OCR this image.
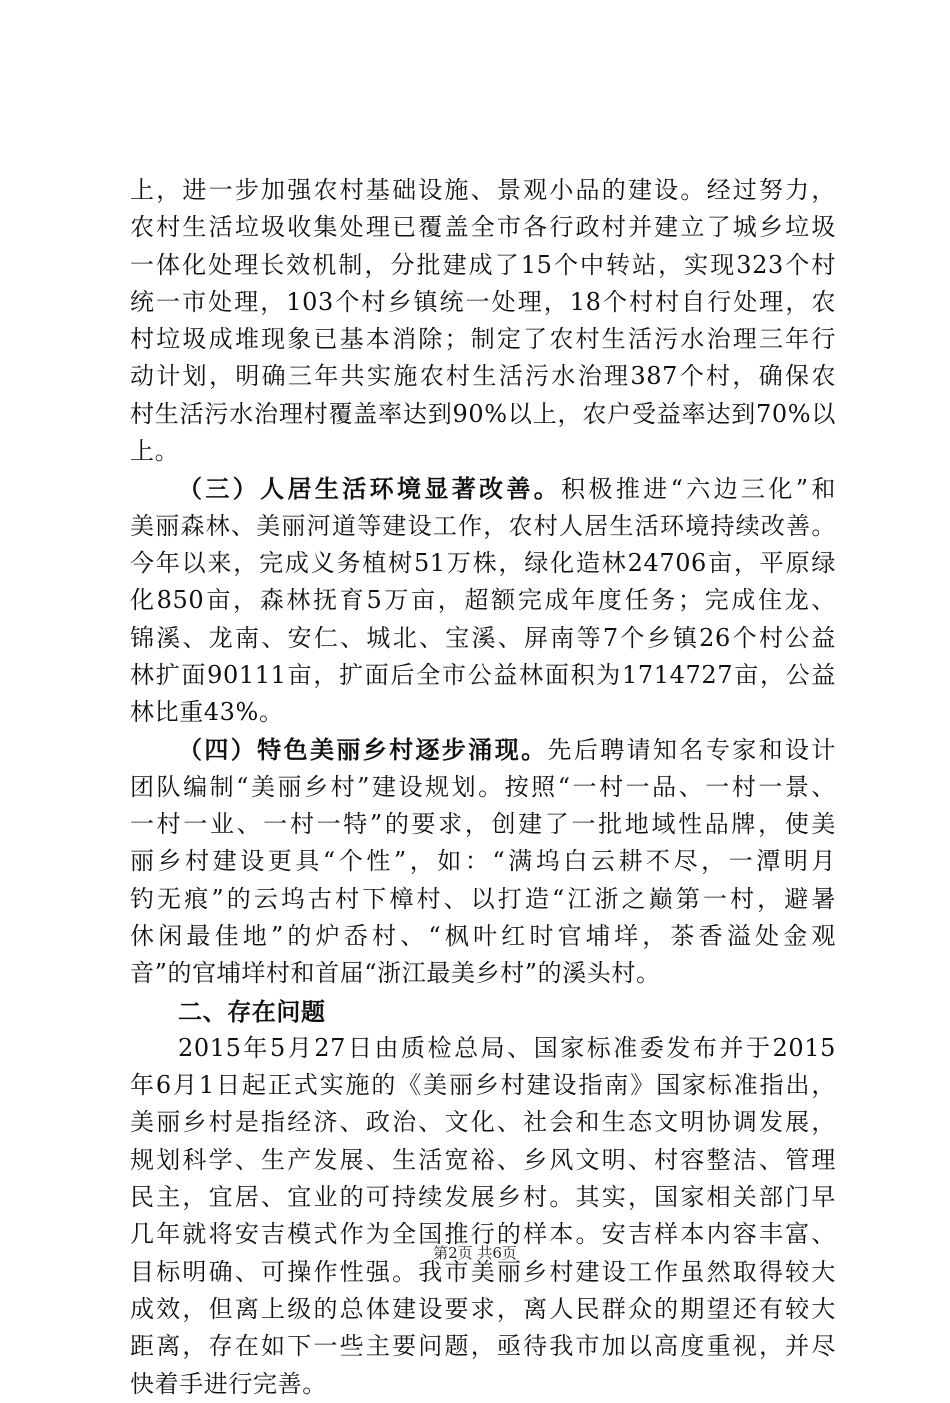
上，进一步加强农村基础设施、景观小品的建设。经过努力，
农村生活垃圾收集处理已覆盖全市各行政村并建立了城乡垃圾
一体化处理长效机制，分批建成了15个中转站，实现323个村
统一市处理，103个村乡镇统一处理，18个村村自行处理，农
村垃圾成堆现象已基本消除；制定了农村生活污水治理三年行
动计划，明确三年共实施农村生活污水治理387个村，确保农
村生活污水治理村覆盖率达到90%以上，农户受益率达到70%以
上。
（三）人居生活环境显著改善。积极推进“六边三化”和
美丽森林、美丽河道等建设工作，农村人居生活环境持续改善。
今年以来，完成义务植树51万株，绿化造林24706亩，平原绿
化850亩，森林抚育5万亩，超额完成年度任务；完成住龙、
锦溪、龙南、安仁、城北、宝溪、屏南等7个乡镇26个村公益
林扩面90111亩，扩面后全市公益林面积为1714727亩，公益
林比重43%。
（四）特色美丽乡村逐步涌现。先后聘请知名专家和设计
团队编制“美丽乡村”建设规划。按照“一村一品、一村一景、
一村一业、一村一特”的要求，创建了一批地域性品牌，使美
丽乡村建设更具“个性”，如：“满坞白云耕不尽，一潭明月
钓无痕”的云坞古村下樟村、以打造“江浙之巅第一村，避暑
休闲最佳地”的炉岙村、“枫叶红时官埔垟，茶香溢处金观
音”的官埔垟村和首届“浙江最美乡村”的溪头村。
二、存在问题
2015年5月27日由质检总局、国家标准委发布并于2015
年6月1日起正式实施的《美丽乡村建设指南》国家标准指出，
美丽乡村是指经济、政治、文化、社会和生态文明协调发展，
规划科学、生产发展、生活宽裕、乡风文明、村容整洁、管理
民主，宜居、宜业的可持续发展乡村。其实，国家相关部门早
几年就将安吉模式作为全国推行的样本。安吉样本内容丰富、
目标明确、可操作性强。我市美丽乡村建设工作虽然取得较大
成效，但离上级的总体建设要求，离人民群众的期望还有较大
距离，存在如下一些主要问题，亟待我市加以高度重视，并尽
快着手进行完善。
第2页 共6页
